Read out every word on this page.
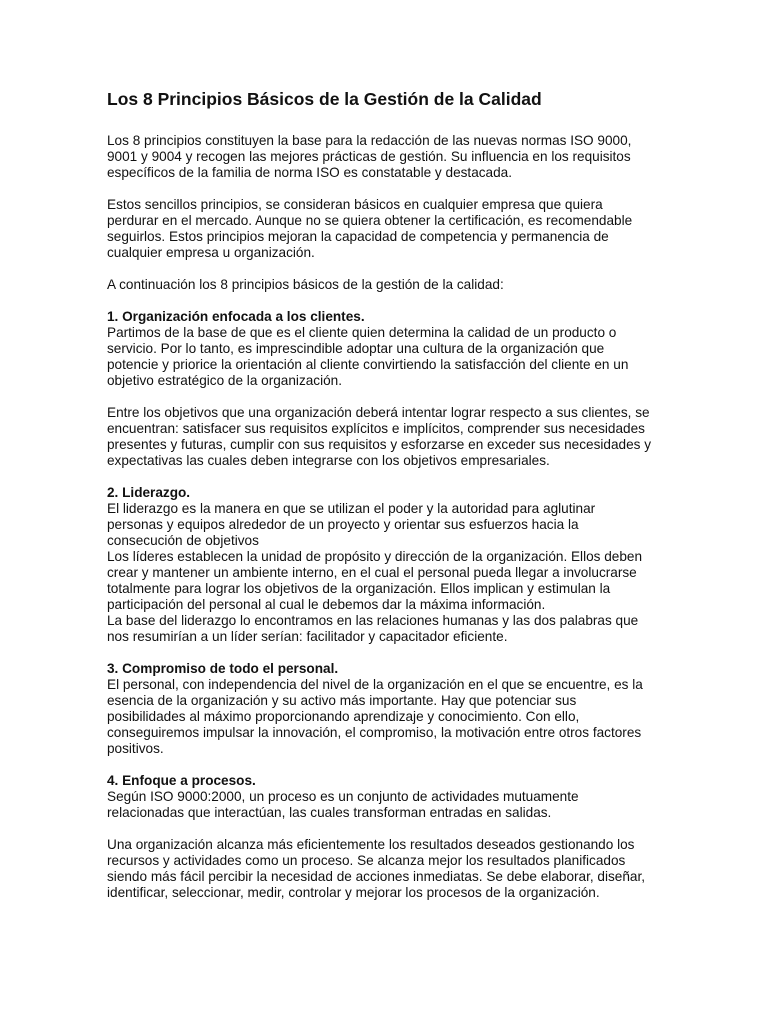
Los 8 Principios Básicos de la Gestión de la Calidad
Los 8 principios constituyen la base para la redacción de las nuevas normas ISO 9000,
9001 y 9004 y recogen las mejores prácticas de gestión. Su influencia en los requisitos
específicos de la familia de norma ISO es constatable y destacada.
Estos sencillos principios, se consideran básicos en cualquier empresa que quiera
perdurar en el mercado. Aunque no se quiera obtener la certificación, es recomendable
seguirlos. Estos principios mejoran la capacidad de competencia y permanencia de
cualquier empresa u organización.
A continuación los 8 principios básicos de la gestión de la calidad:
1. Organización enfocada a los clientes.
Partimos de la base de que es el cliente quien determina la calidad de un producto o
servicio. Por lo tanto, es imprescindible adoptar una cultura de la organización que
potencie y priorice la orientación al cliente convirtiendo la satisfacción del cliente en un
objetivo estratégico de la organización.
Entre los objetivos que una organización deberá intentar lograr respecto a sus clientes, se
encuentran: satisfacer sus requisitos explícitos e implícitos, comprender sus necesidades
presentes y futuras, cumplir con sus requisitos y esforzarse en exceder sus necesidades y
expectativas las cuales deben integrarse con los objetivos empresariales.
2. Liderazgo.
El liderazgo es la manera en que se utilizan el poder y la autoridad para aglutinar
personas y equipos alrededor de un proyecto y orientar sus esfuerzos hacia la
consecución de objetivos
Los líderes establecen la unidad de propósito y dirección de la organización. Ellos deben
crear y mantener un ambiente interno, en el cual el personal pueda llegar a involucrarse
totalmente para lograr los objetivos de la organización. Ellos implican y estimulan la
participación del personal al cual le debemos dar la máxima información.
La base del liderazgo lo encontramos en las relaciones humanas y las dos palabras que
nos resumirían a un líder serían: facilitador y capacitador eficiente.
3. Compromiso de todo el personal.
El personal, con independencia del nivel de la organización en el que se encuentre, es la
esencia de la organización y su activo más importante. Hay que potenciar sus
posibilidades al máximo proporcionando aprendizaje y conocimiento. Con ello,
conseguiremos impulsar la innovación, el compromiso, la motivación entre otros factores
positivos.
4. Enfoque a procesos.
Según ISO 9000:2000, un proceso es un conjunto de actividades mutuamente
relacionadas que interactúan, las cuales transforman entradas en salidas.
Una organización alcanza más eficientemente los resultados deseados gestionando los
recursos y actividades como un proceso. Se alcanza mejor los resultados planificados
siendo más fácil percibir la necesidad de acciones inmediatas. Se debe elaborar, diseñar,
identificar, seleccionar, medir, controlar y mejorar los procesos de la organización.
